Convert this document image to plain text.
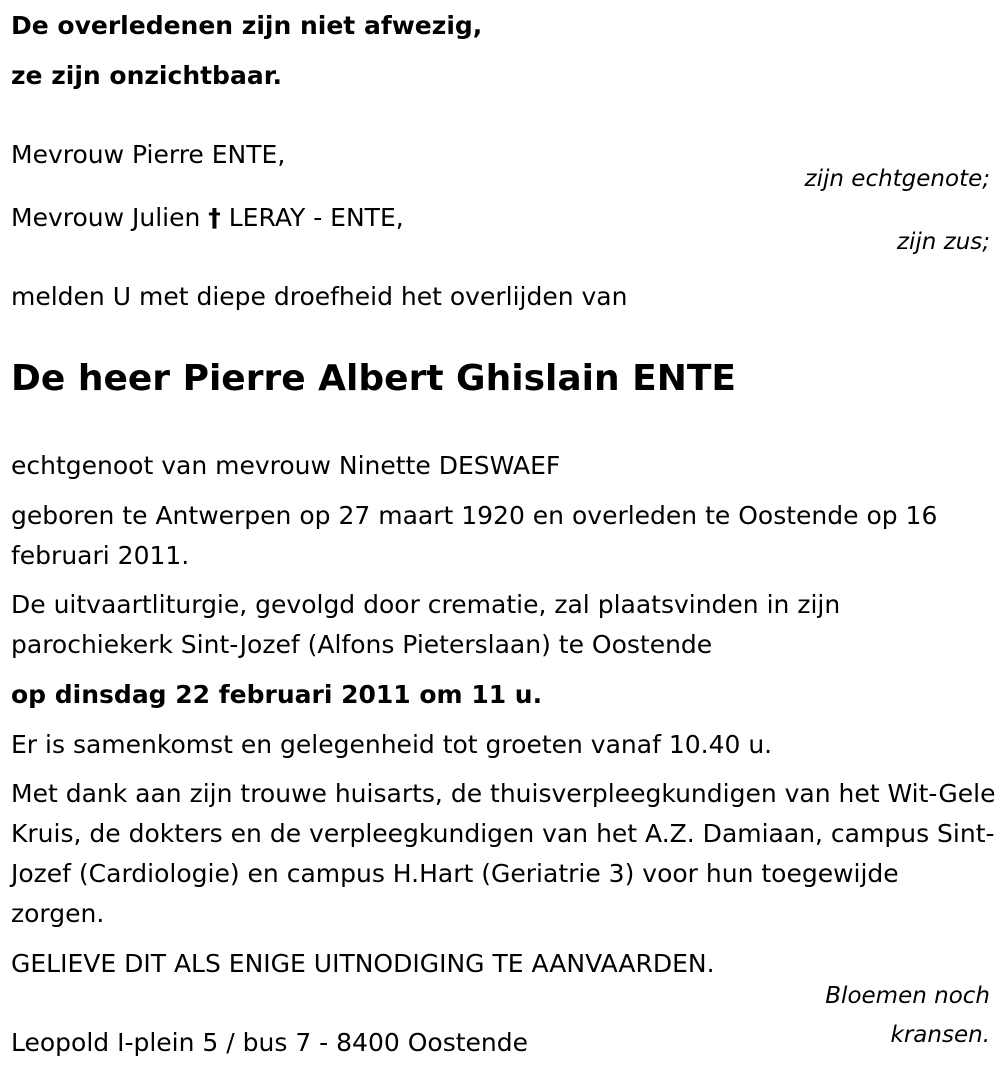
De overledenen zijn niet afwezig,
ze zijn onzichtbaar.
Mevrouw Pierre ENTE,
zijn echtgenote;
Mevrouw Julien † LERAY - ENTE,
zijn zus;
melden U met diepe droefheid het overlijden van
De heer Pierre Albert Ghislain ENTE
echtgenoot van mevrouw Ninette DESWAEF
geboren te Antwerpen op 27 maart 1920 en overleden te Oostende op 16 februari 2011.
De uitvaartliturgie, gevolgd door crematie, zal plaatsvinden in zijn parochiekerk Sint-Jozef (Alfons Pieterslaan) te Oostende
op dinsdag 22 februari 2011 om 11 u.
Er is samenkomst en gelegenheid tot groeten vanaf 10.40 u.
Met dank aan zijn trouwe huisarts, de thuisverpleegkundigen van het Wit-Gele Kruis, de dokters en de verpleegkundigen van het A.Z. Damiaan, campus Sint-Jozef (Cardiologie) en campus H.Hart (Geriatrie 3) voor hun toegewijde zorgen.
GELIEVE DIT ALS ENIGE UITNODIGING TE AANVAARDEN.
Bloemen noch
kransen.
Leopold I-plein 5 / bus 7 - 8400 Oostende
